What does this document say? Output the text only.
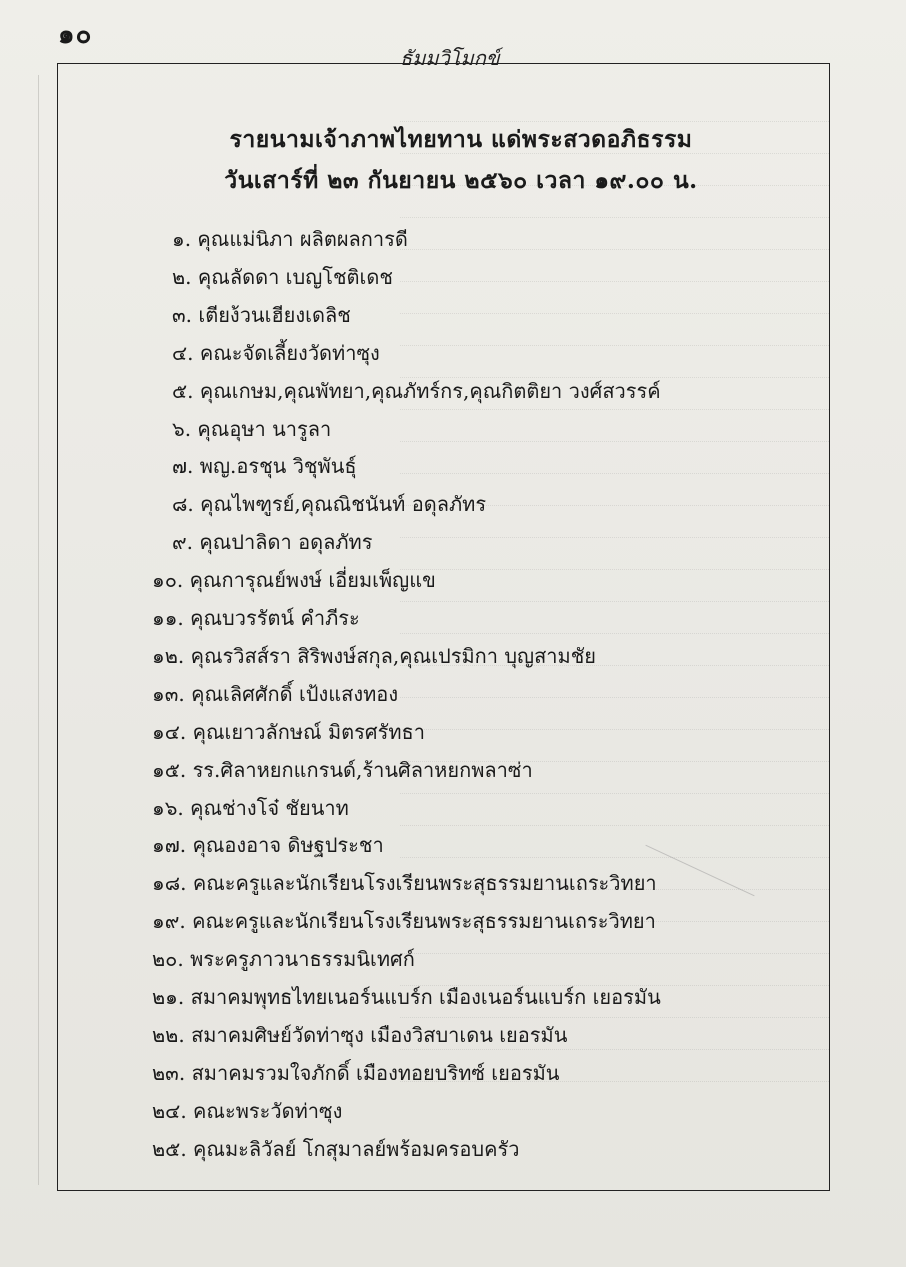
๑๐
ธัมมวิโมกข์
รายนามเจ้าภาพไทยทาน แด่พระสวดอภิธรรม
วันเสาร์ที่ ๒๓ กันยายน ๒๕๖๐ เวลา ๑๙.๐๐ น.
๑. คุณแม่นิภา ผลิตผลการดี
๒. คุณลัดดา เบญโชติเดช
๓. เตียง้วนเฮียงเดลิช
๔. คณะจัดเลี้ยงวัดท่าซุง
๕. คุณเกษม,คุณพัทยา,คุณภัทร์กร,คุณกิตติยา วงศ์สวรรค์
๖. คุณอุษา นารูลา
๗. พญ.อรชุน วิชุพันธุ์
๘. คุณไพฑูรย์,คุณณิชนันท์ อดุลภัทร
๙. คุณปาลิดา อดุลภัทร
๑๐. คุณการุณย์พงษ์ เอี่ยมเพ็ญแข
๑๑. คุณบวรรัตน์ คำภีระ
๑๒. คุณรวิสส์รา สิริพงษ์สกุล,คุณเปรมิกา บุญสามชัย
๑๓. คุณเลิศศักดิ์ เป้งแสงทอง
๑๔. คุณเยาวลักษณ์ มิตรศรัทธา
๑๕. รร.ศิลาหยกแกรนด์,ร้านศิลาหยกพลาซ่า
๑๖. คุณช่างโจ๋ ชัยนาท
๑๗. คุณองอาจ ดิษฐประชา
๑๘. คณะครูและนักเรียนโรงเรียนพระสุธรรมยานเถระวิทยา
๑๙. คณะครูและนักเรียนโรงเรียนพระสุธรรมยานเถระวิทยา
๒๐. พระครูภาวนาธรรมนิเทศก์
๒๑. สมาคมพุทธไทยเนอร์นแบร์ก เมืองเนอร์นแบร์ก เยอรมัน
๒๒. สมาคมศิษย์วัดท่าซุง เมืองวิสบาเดน เยอรมัน
๒๓. สมาคมรวมใจภักดิ์ เมืองทอยบริทซ์ เยอรมัน
๒๔. คณะพระวัดท่าซุง
๒๕. คุณมะลิวัลย์ โกสุมาลย์พร้อมครอบครัว
